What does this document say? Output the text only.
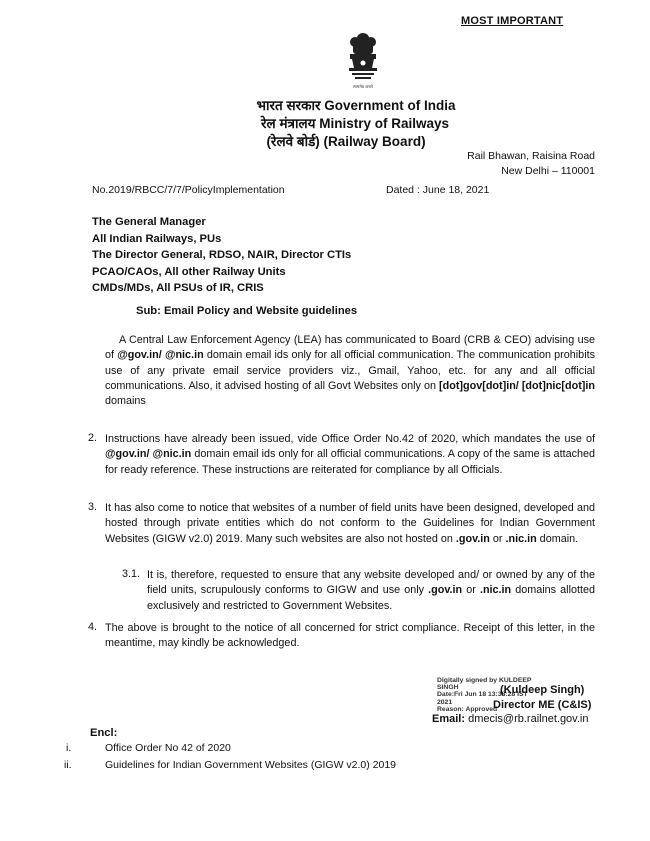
MOST IMPORTANT
सत्यमेव जयते
भारत सरकार Government of India
रेल मंत्रालय Ministry of Railways
(रेलवे बोर्ड) (Railway Board)
Rail Bhawan, Raisina Road
New Delhi – 110001
No.2019/RBCC/7/7/PolicyImplementation	Dated : June 18, 2021
The General Manager
All Indian Railways, PUs
The Director General, RDSO, NAIR, Director CTIs
PCAO/CAOs, All other Railway Units
CMDs/MDs, All PSUs of IR, CRIS
Sub: Email Policy and Website guidelines
A Central Law Enforcement Agency (LEA) has communicated to Board (CRB & CEO) advising use of @gov.in/ @nic.in domain email ids only for all official communication. The communication prohibits use of any private email service providers viz., Gmail, Yahoo, etc. for any and all official communications. Also, it advised hosting of all Govt Websites only on [dot]gov[dot]in/ [dot]nic[dot]in domains
2. Instructions have already been issued, vide Office Order No.42 of 2020, which mandates the use of @gov.in/ @nic.in domain email ids only for all official communications. A copy of the same is attached for ready reference. These instructions are reiterated for compliance by all Officials.
3. It has also come to notice that websites of a number of field units have been designed, developed and hosted through private entities which do not conform to the Guidelines for Indian Government Websites (GIGW v2.0) 2019. Many such websites are also not hosted on .gov.in or .nic.in domain.
3.1. It is, therefore, requested to ensure that any website developed and/ or owned by any of the field units, scrupulously conforms to GIGW and use only .gov.in or .nic.in domains allotted exclusively and restricted to Government Websites.
4. The above is brought to the notice of all concerned for strict compliance. Receipt of this letter, in the meantime, may kindly be acknowledged.
Digitally signed by KULDEEP
SINGH
Date:Fri Jun 18 13:38:28 IST
2021
Reason: Approved
(Kuldeep Singh)
Director ME (C&IS)
Email: dmecis@rb.railnet.gov.in
Encl:
i.	Office Order No 42 of 2020
ii.	Guidelines for Indian Government Websites (GIGW v2.0) 2019
